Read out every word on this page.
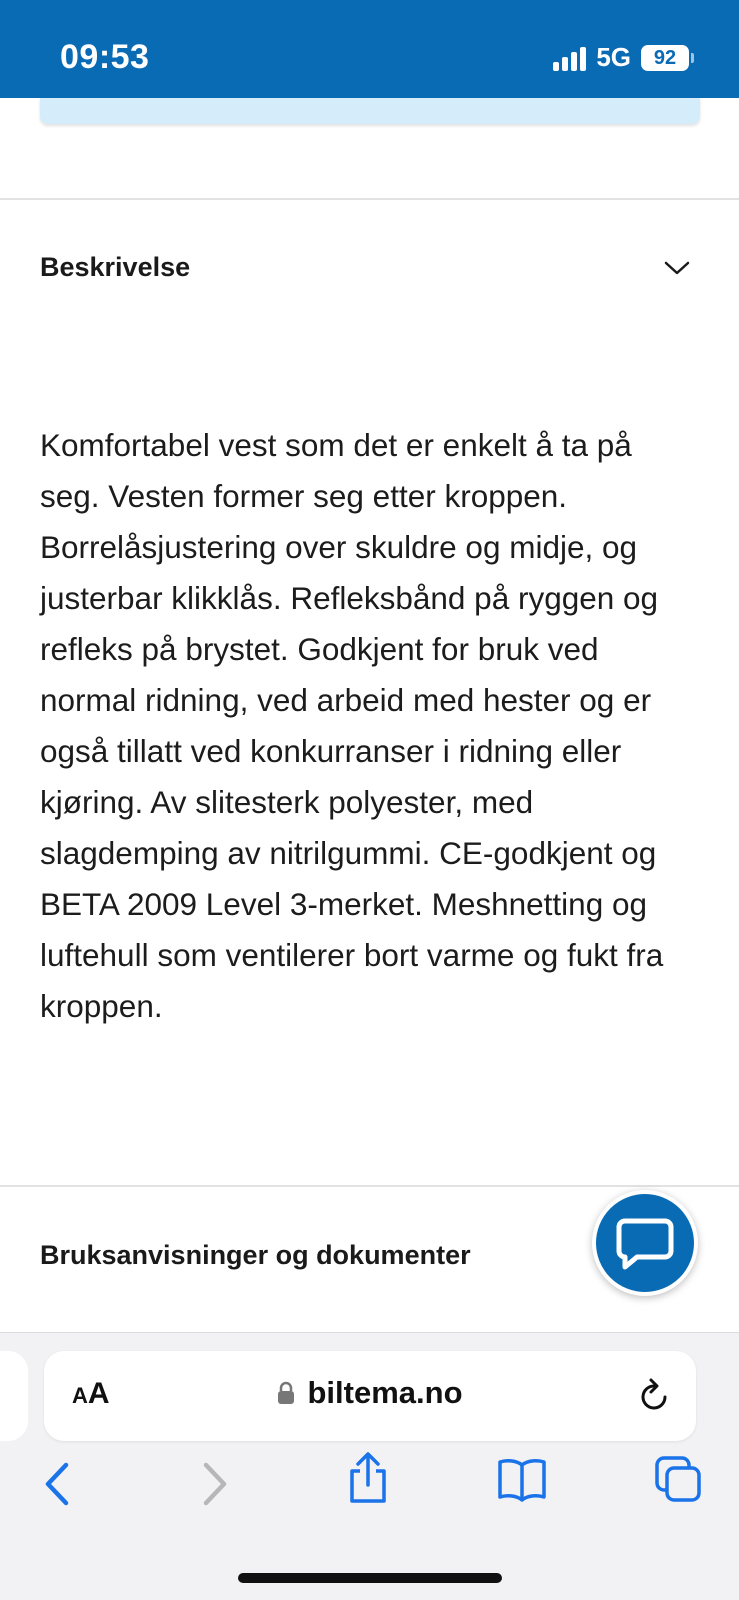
09:53	5G	92
Beskrivelse
Komfortabel vest som det er enkelt å ta på seg. Vesten former seg etter kroppen. Borrelåsjustering over skuldre og midje, og justerbar klikklås. Refleksbånd på ryggen og refleks på brystet. Godkjent for bruk ved normal ridning, ved arbeid med hester og er også tillatt ved konkurranser i ridning eller kjøring. Av slitesterk polyester, med slagdemping av nitrilgummi. CE-godkjent og BETA 2009 Level 3-merket. Meshnetting og luftehull som ventilerer bort varme og fukt fra kroppen.
Bruksanvisninger og dokumenter
AA	biltema.no
